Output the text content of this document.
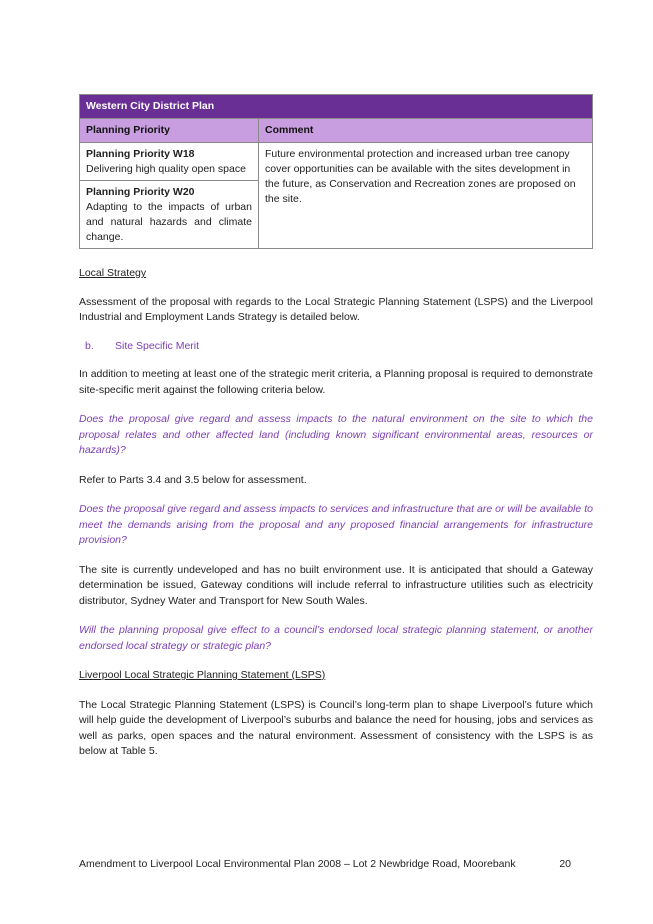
Western City District Plan	
Planning Priority	Comment

Planning Priority W18
Delivering high quality open space	Future environmental protection and increased urban tree canopy cover opportunities can be available with the sites development in the future, as Conservation and Recreation zones are proposed on the site.

Planning Priority W20
Adapting to the impacts of urban and natural hazards and climate change.	
Local Strategy

Assessment of the proposal with regards to the Local Strategic Planning Statement (LSPS) and the Liverpool Industrial and Employment Lands Strategy is detailed below.

b. Site Specific Merit

In addition to meeting at least one of the strategic merit criteria, a Planning proposal is required to demonstrate site-specific merit against the following criteria below.

Does the proposal give regard and assess impacts to the natural environment on the site to which the proposal relates and other affected land (including known significant environmental areas, resources or hazards)?

Refer to Parts 3.4 and 3.5 below for assessment.

Does the proposal give regard and assess impacts to services and infrastructure that are or will be available to meet the demands arising from the proposal and any proposed financial arrangements for infrastructure provision?

The site is currently undeveloped and has no built environment use. It is anticipated that should a Gateway determination be issued, Gateway conditions will include referral to infrastructure utilities such as electricity distributor, Sydney Water and Transport for New South Wales.

Will the planning proposal give effect to a council’s endorsed local strategic planning statement, or another endorsed local strategy or strategic plan?

Liverpool Local Strategic Planning Statement (LSPS)

The Local Strategic Planning Statement (LSPS) is Council’s long-term plan to shape Liverpool’s future which will help guide the development of Liverpool’s suburbs and balance the need for housing, jobs and services as well as parks, open spaces and the natural environment. Assessment of consistency with the LSPS is as below at Table 5.

Amendment to Liverpool Local Environmental Plan 2008 – Lot 2 Newbridge Road, Moorebank	20
